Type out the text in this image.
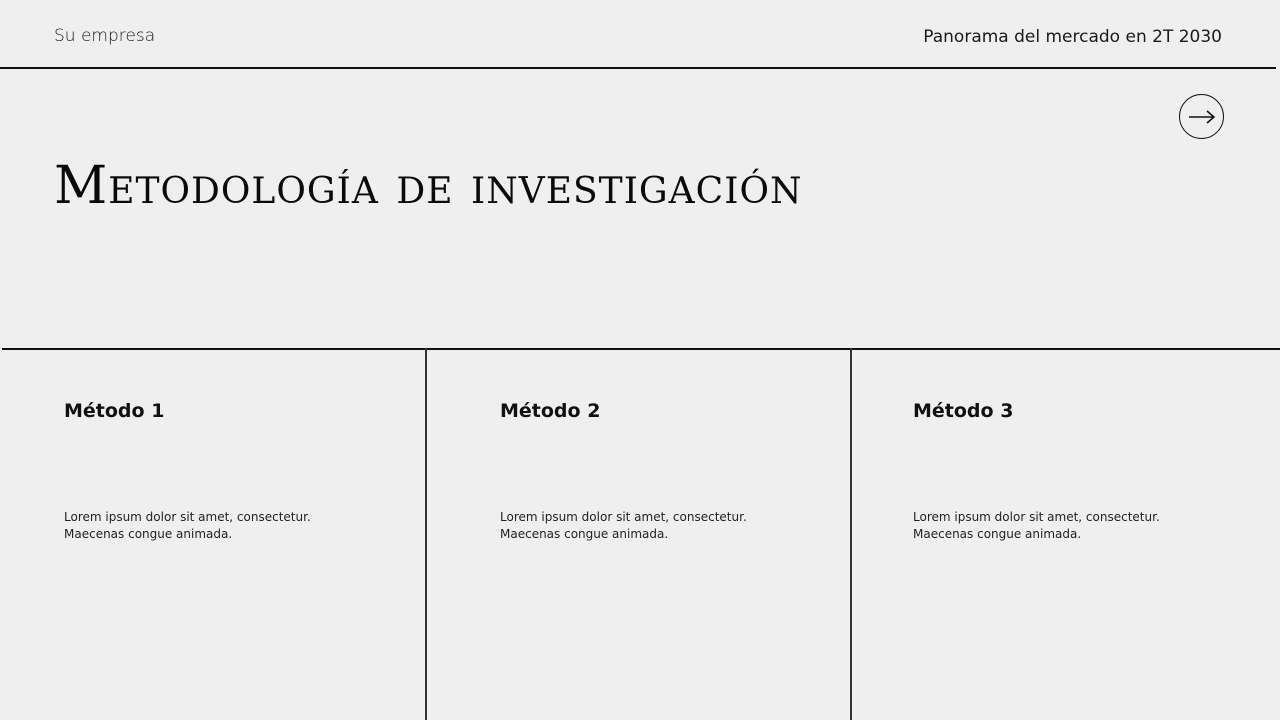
Su empresa	Panorama del mercado en 2T 2030
Metodología de investigación
Método 1
Lorem ipsum dolor sit amet, consectetur. Maecenas congue animada.
Método 2
Lorem ipsum dolor sit amet, consectetur. Maecenas congue animada.
Método 3
Lorem ipsum dolor sit amet, consectetur. Maecenas congue animada.
